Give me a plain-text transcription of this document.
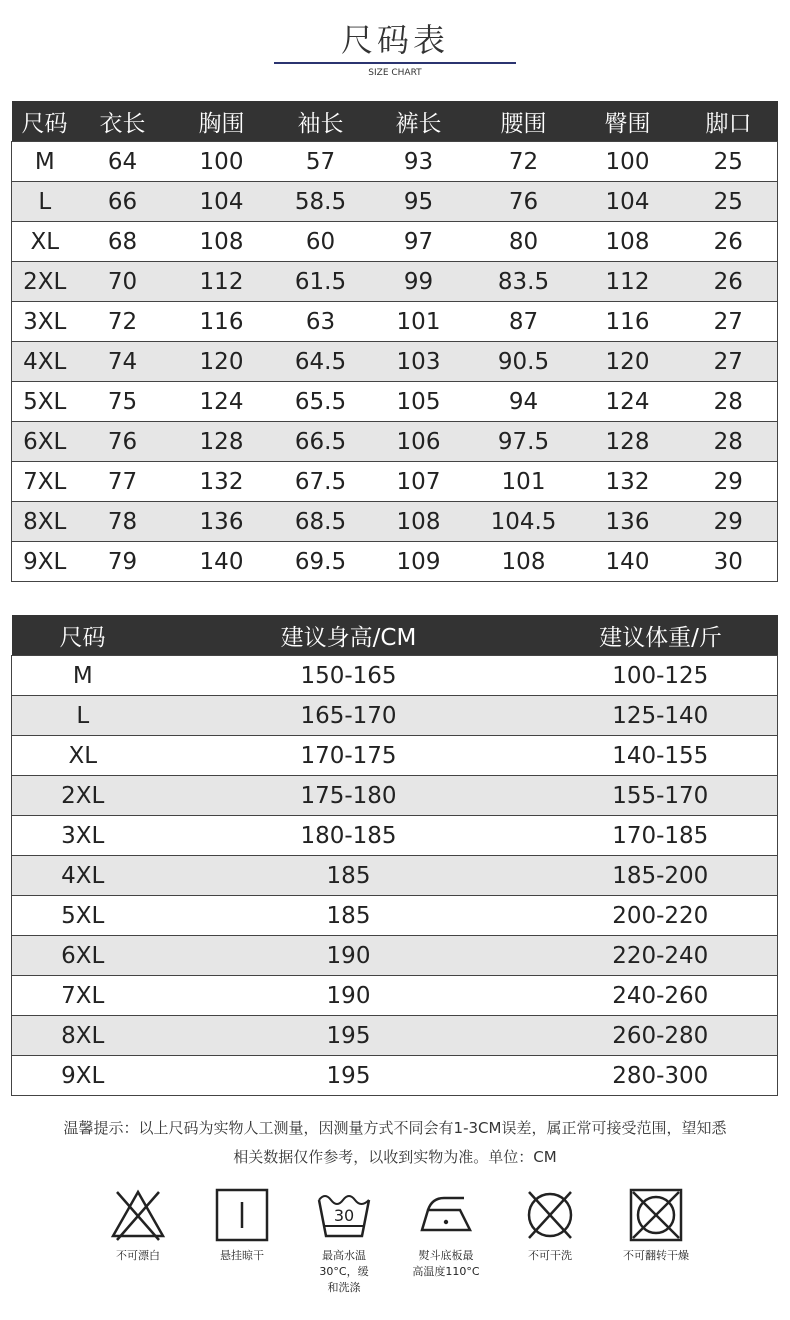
尺码表
SIZE CHART
尺码	衣长	胸围	袖长	裤长	腰围	臀围	脚口
M	64	100	57	93	72	100	25
L	66	104	58.5	95	76	104	25
XL	68	108	60	97	80	108	26
2XL	70	112	61.5	99	83.5	112	26
3XL	72	116	63	101	87	116	27
4XL	74	120	64.5	103	90.5	120	27
5XL	75	124	65.5	105	94	124	28
6XL	76	128	66.5	106	97.5	128	28
7XL	77	132	67.5	107	101	132	29
8XL	78	136	68.5	108	104.5	136	29
9XL	79	140	69.5	109	108	140	30
尺码	建议身高/CM	建议体重/斤
M	150-165	100-125
L	165-170	125-140
XL	170-175	140-155
2XL	175-180	155-170
3XL	180-185	170-185
4XL	185	185-200
5XL	185	200-220
6XL	190	220-240
7XL	190	240-260
8XL	195	260-280
9XL	195	280-300
温馨提示：以上尺码为实物人工测量，因测量方式不同会有1-3CM误差，属正常可接受范围，望知悉
相关数据仅作参考，以收到实物为准。单位：CM
不可漂白	悬挂晾干
30
最高水温
30°C，缓
和洗涤
熨斗底板最
高温度110°C
不可干洗	不可翻转干燥
